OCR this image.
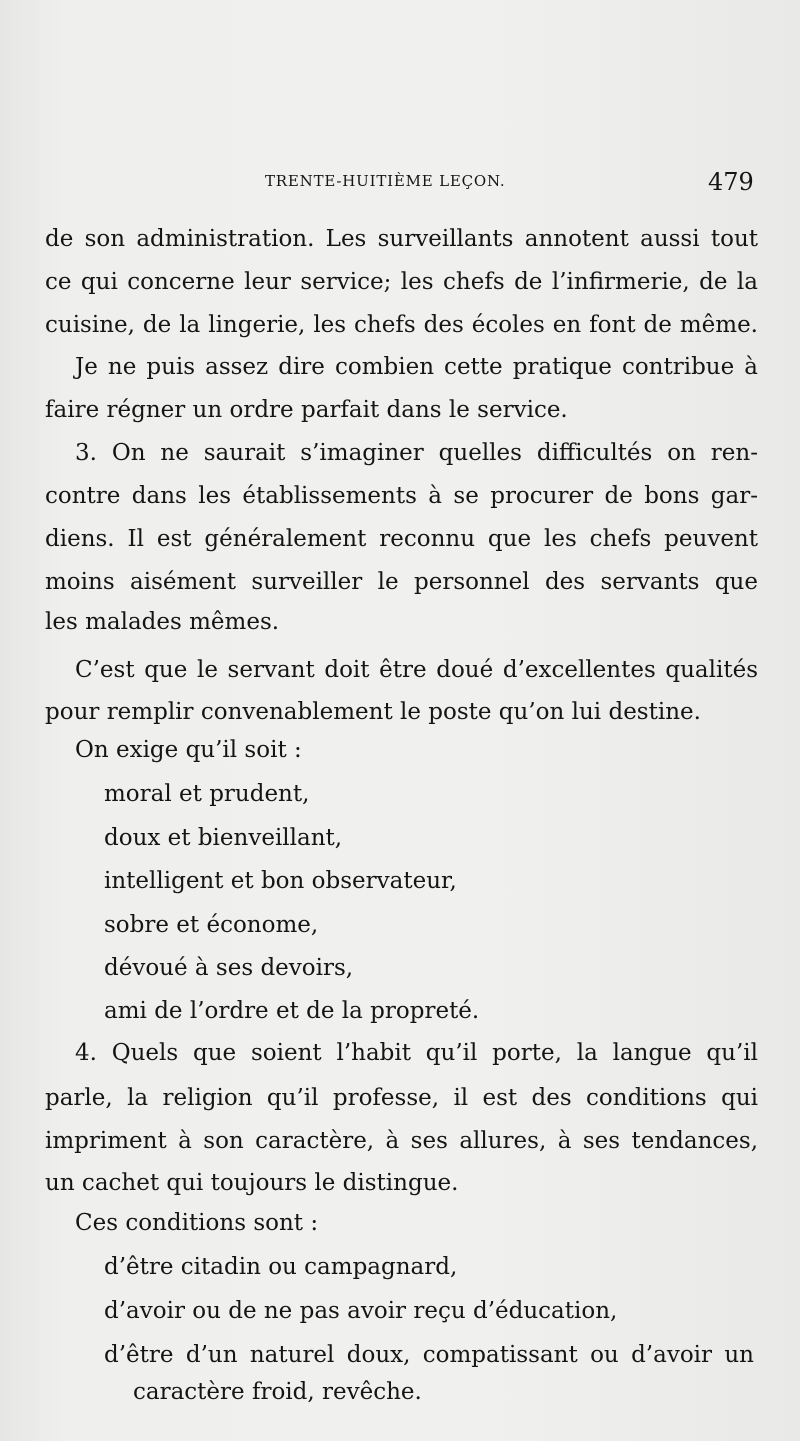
TRENTE-HUITIÈME LEÇON.	479
de son administration. Les surveillants annotent aussi tout
ce qui concerne leur service; les chefs de l’infirmerie, de la
cuisine, de la lingerie, les chefs des écoles en font de même.
Je ne puis assez dire combien cette pratique contribue à
faire régner un ordre parfait dans le service.
3. On ne saurait s’imaginer quelles difficultés on ren-
contre dans les établissements à se procurer de bons gar-
diens. Il est généralement reconnu que les chefs peuvent
moins aisément surveiller le personnel des servants que
les malades mêmes.
C’est que le servant doit être doué d’excellentes qualités
pour remplir convenablement le poste qu’on lui destine.
On exige qu’il soit :
moral et prudent,
doux et bienveillant,
intelligent et bon observateur,
sobre et économe,
dévoué à ses devoirs,
ami de l’ordre et de la propreté.
4. Quels que soient l’habit qu’il porte, la langue qu’il
parle, la religion qu’il professe, il est des conditions qui
impriment à son caractère, à ses allures, à ses tendances,
un cachet qui toujours le distingue.
Ces conditions sont :
d’être citadin ou campagnard,
d’avoir ou de ne pas avoir reçu d’éducation,
d’être d’un naturel doux, compatissant ou d’avoir un
caractère froid, revêche.
